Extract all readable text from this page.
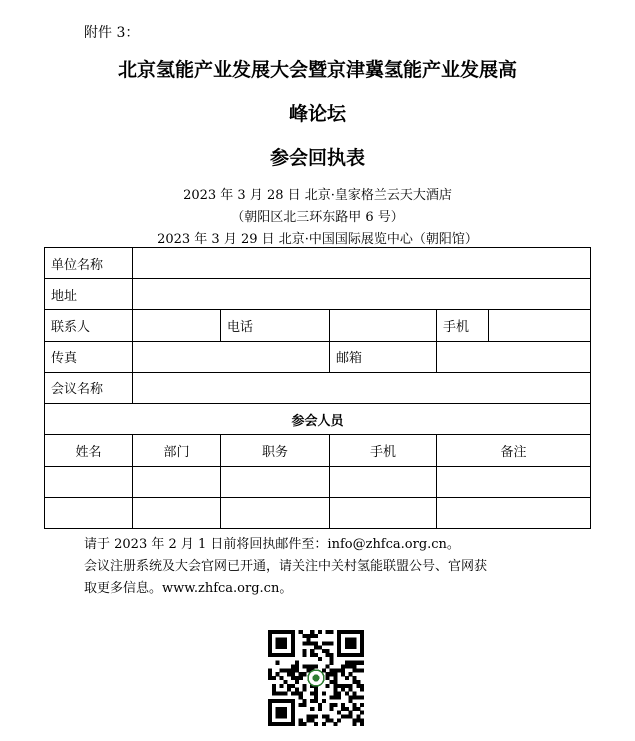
附件 3：
北京氢能产业发展大会暨京津冀氢能产业发展高
峰论坛
参会回执表
2023 年 3 月 28 日 北京·皇家格兰云天大酒店
（朝阳区北三环东路甲 6 号）
2023 年 3 月 29 日 北京·中国国际展览中心（朝阳馆）
单位名称					
地址					
联系人		电话		手机	
传真			邮箱		
会议名称					
参会人员					
姓名	部门	职务	手机	备注	

请于 2023 年 2 月 1 日前将回执邮件至：info@zhfca.org.cn。
会议注册系统及大会官网已开通，请关注中关村氢能联盟公号、官网获
取更多信息。www.zhfca.org.cn。
